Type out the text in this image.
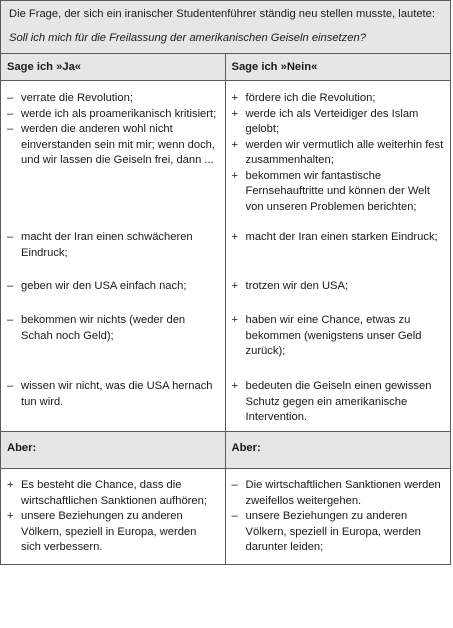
Die Frage, der sich ein iranischer Studentenführer ständig neu stellen musste, lautete:
Soll ich mich für die Freilassung der amerikanischen Geiseln einsetzen?
Sage ich »Ja«	Sage ich »Nein«
– verrate die Revolution;
– werde ich als proamerikanisch kritisiert;
– werden die anderen wohl nicht einverstanden sein mit mir; wenn doch, und wir lassen die Geiseln frei, dann ...
– macht der Iran einen schwächeren Eindruck;
– geben wir den USA einfach nach;
– bekommen wir nichts (weder den Schah noch Geld);
– wissen wir nicht, was die USA hernach tun wird.
+ fördere ich die Revolution;
+ werde ich als Verteidiger des Islam gelobt;
+ werden wir vermutlich alle weiterhin fest zusammenhalten;
+ bekommen wir fantastische Fernsehauftritte und können der Welt von unseren Problemen berichten;
+ macht der Iran einen starken Eindruck;
+ trotzen wir den USA;
+ haben wir eine Chance, etwas zu bekommen (wenigstens unser Geld zurück);
+ bedeuten die Geiseln einen gewissen Schutz gegen ein amerikanische Intervention.
Aber:	Aber:
+ Es besteht die Chance, dass die wirtschaftlichen Sanktionen aufhören;
+ unsere Beziehungen zu anderen Völkern, speziell in Europa, werden sich verbessern.
– Die wirtschaftlichen Sanktionen werden zweifellos weitergehen.
– unsere Beziehungen zu anderen Völkern, speziell in Europa, werden darunter leiden;
